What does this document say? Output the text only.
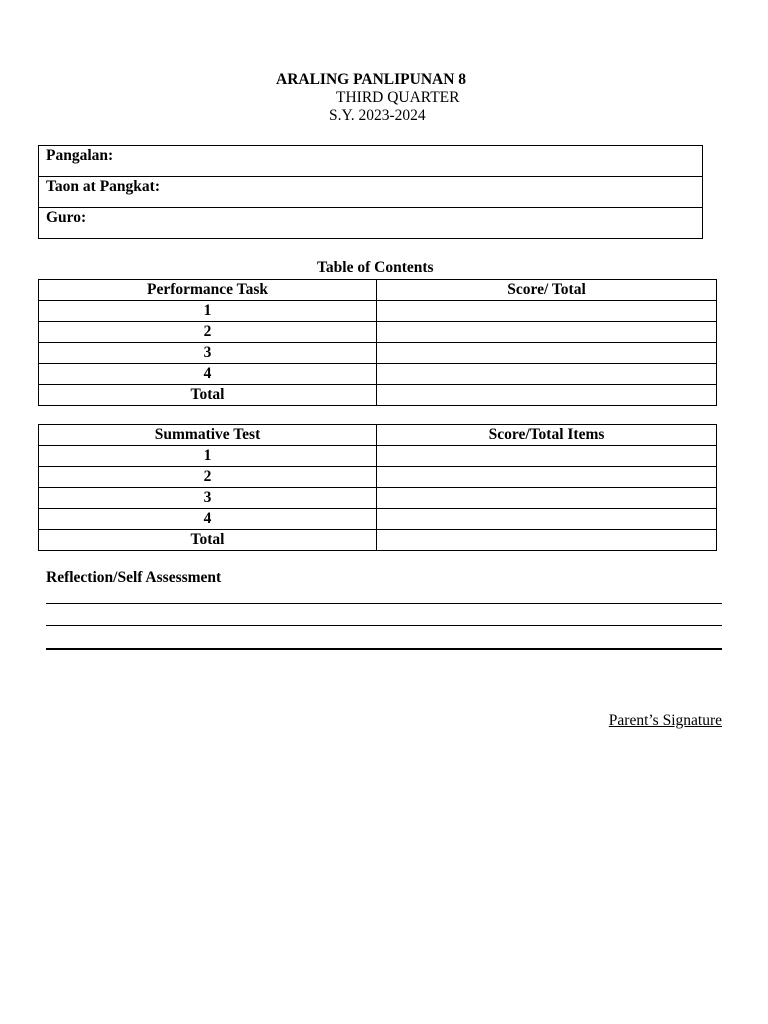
ARALING PANLIPUNAN 8
THIRD QUARTER
S.Y. 2023-2024
Pangalan:
Taon at Pangkat:
Guro:
Table of Contents
Performance Task	Score/ Total
1	
2	
3	
4	
Total	
Summative Test	Score/Total Items
1	
2	
3	
4	
Total	
Reflection/Self Assessment
Parent’s Signature
